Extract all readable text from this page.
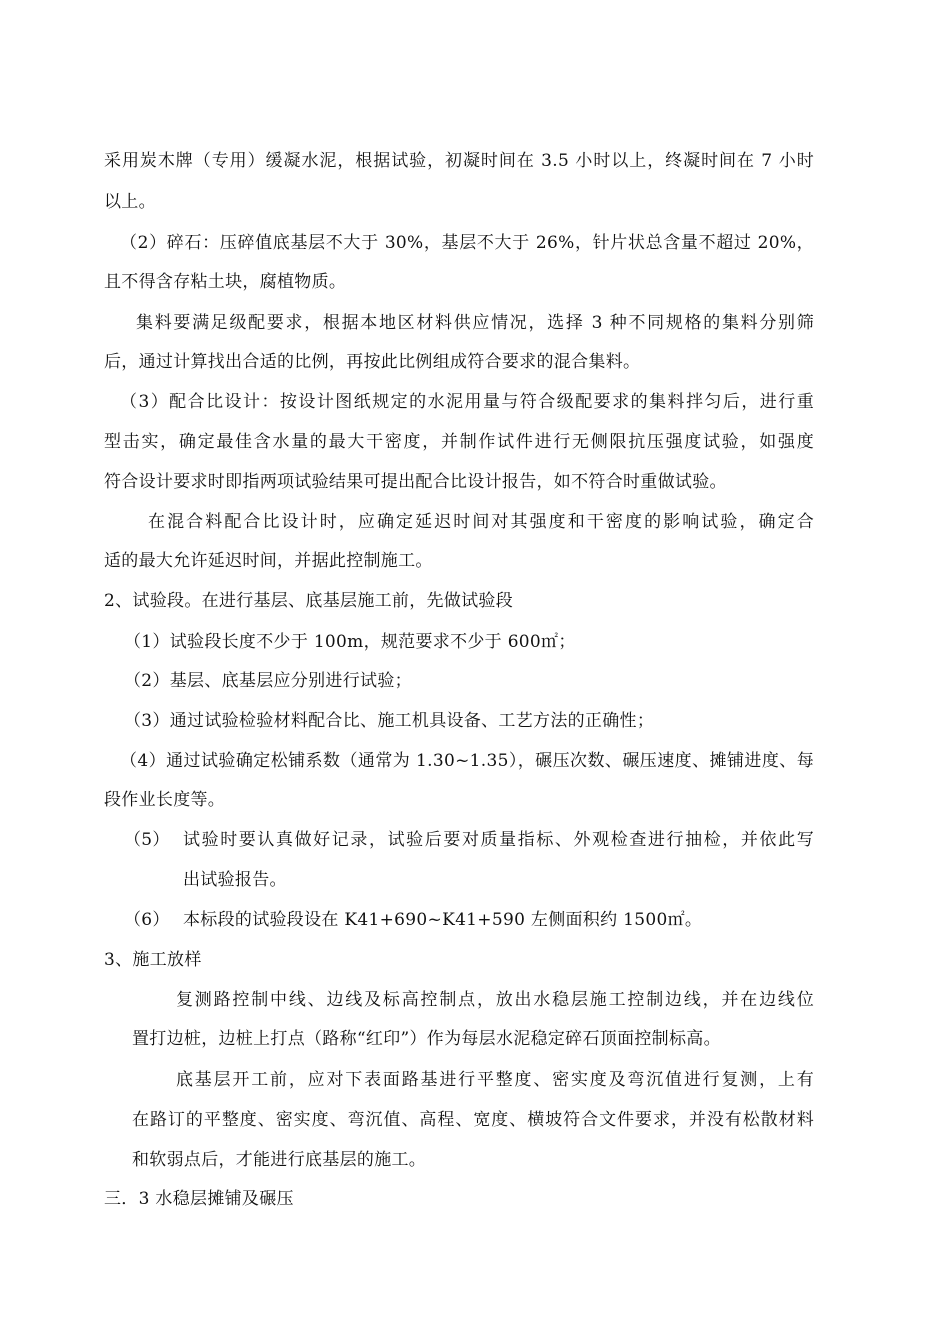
采用炭木牌（专用）缓凝水泥，根据试验，初凝时间在 3.5 小时以上，终凝时间在 7 小时
以上。
（2）碎石：压碎值底基层不大于 30%，基层不大于 26%，针片状总含量不超过 20%，
且不得含存粘土块，腐植物质。
集料要满足级配要求，根据本地区材料供应情况，选择 3 种不同规格的集料分别筛
后，通过计算找出合适的比例，再按此比例组成符合要求的混合集料。
（3）配合比设计：按设计图纸规定的水泥用量与符合级配要求的集料拌匀后，进行重
型击实，确定最佳含水量的最大干密度，并制作试件进行无侧限抗压强度试验，如强度
符合设计要求时即指两项试验结果可提出配合比设计报告，如不符合时重做试验。
在混合料配合比设计时，应确定延迟时间对其强度和干密度的影响试验，确定合
适的最大允许延迟时间，并据此控制施工。
2、试验段。在进行基层、底基层施工前，先做试验段
（1）试验段长度不少于 100m，规范要求不少于 600㎡；
（2）基层、底基层应分别进行试验；
（3）通过试验检验材料配合比、施工机具设备、工艺方法的正确性；
（4）通过试验确定松铺系数（通常为 1.30~1.35），碾压次数、碾压速度、摊铺进度、每
段作业长度等。
（5） 试验时要认真做好记录，试验后要对质量指标、外观检查进行抽检，并依此写
出试验报告。
（6） 本标段的试验段设在 K41+690~K41+590 左侧面积约 1500㎡。
3、施工放样
复测路控制中线、边线及标高控制点，放出水稳层施工控制边线，并在边线位
置打边桩，边桩上打点（路称“红印”）作为每层水泥稳定碎石顶面控制标高。
底基层开工前，应对下表面路基进行平整度、密实度及弯沉值进行复测，上有
在路订的平整度、密实度、弯沉值、高程、宽度、横坡符合文件要求，并没有松散材料
和软弱点后，才能进行底基层的施工。
三．3 水稳层摊铺及碾压
